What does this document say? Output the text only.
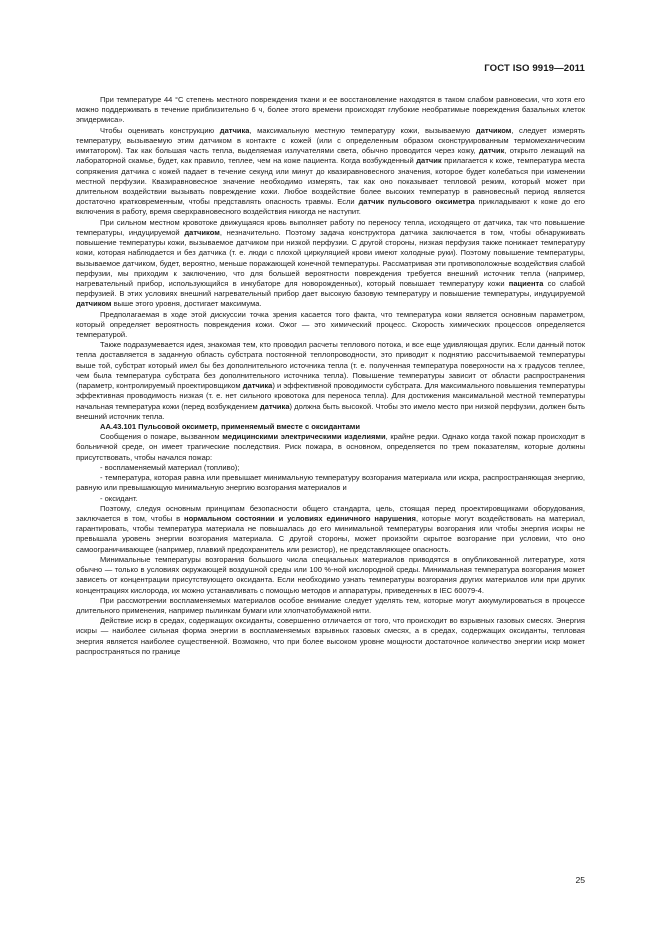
ГОСТ ISO 9919—2011

При температуре 44 °С степень местного повреждения ткани и ее восстановление находятся в таком слабом равновесии, что хотя его можно поддерживать в течение приблизительно 6 ч, более этого времени происходят глубокие необратимые повреждения базальных клеток эпидермиса».

Чтобы оценивать конструкцию датчика, максимальную местную температуру кожи, вызываемую датчиком, следует измерять температуру, вызываемую этим датчиком в контакте с кожей (или с определенным образом сконструированным термомеханическим имитатором). Так как большая часть тепла, выделяемая излучателями света, обычно проводится через кожу, датчик, открыто лежащий на лабораторной скамье, будет, как правило, теплее, чем на коже пациента. Когда возбужденный датчик прилагается к коже, температура места сопряжения датчика с кожей падает в течение секунд или минут до квазиравновесного значения, которое будет колебаться при изменении местной перфузии. Квазиравновесное значение необходимо измерять, так как оно показывает тепловой режим, который может при длительном воздействии вызывать повреждение кожи. Любое воздействие более высоких температур в равновесный период является достаточно кратковременным, чтобы представлять опасность травмы. Если датчик пульсового оксиметра прикладывают к коже до его включения в работу, время сверхравновесного воздействия никогда не наступит.

При сильном местном кровотоке движущаяся кровь выполняет работу по переносу тепла, исходящего от датчика, так что повышение температуры, индуцируемой датчиком, незначительно. Поэтому задача конструктора датчика заключается в том, чтобы обнаруживать повышение температуры кожи, вызываемое датчиком при низкой перфузии. С другой стороны, низкая перфузия также понижает температуру кожи, которая наблюдается и без датчика (т. е. люди с плохой циркуляцией крови имеют холодные руки). Поэтому повышение температуры, вызываемое датчиком, будет, вероятно, меньше поражающей конечной температуры. Рассматривая эти противоположные воздействия слабой перфузии, мы приходим к заключению, что для большей вероятности повреждения требуется внешний источник тепла (например, нагревательный прибор, использующийся в инкубаторе для новорожденных), который повышает температуру кожи пациента со слабой перфузией. В этих условиях внешний нагревательный прибор дает высокую базовую температуру и повышение температуры, индуцируемой датчиком выше этого уровня, достигает максимума.

Предполагаемая в ходе этой дискуссии точка зрения касается того факта, что температура кожи является основным параметром, который определяет вероятность повреждения кожи. Ожог — это химический процесс. Скорость химических процессов определяется температурой.

Также подразумевается идея, знакомая тем, кто проводил расчеты теплового потока, и все еще удивляющая других. Если данный поток тепла доставляется в заданную область субстрата постоянной теплопроводности, это приводит к поднятию рассчитываемой температуры выше той, субстрат который имел бы без дополнительного источника тепла (т. е. полученная температура поверхности на х градусов теплее, чем была температура субстрата без дополнительного источника тепла). Повышение температуры зависит от области распространения (параметр, контролируемый проектировщиком датчика) и эффективной проводимости субстрата. Для максимального повышения температуры эффективная проводимость низкая (т. е. нет сильного кровотока для переноса тепла). Для достижения максимальной местной температуры начальная температура кожи (перед возбуждением датчика) должна быть высокой. Чтобы это имело место при низкой перфузии, должен быть внешний источник тепла.

АА.43.101 Пульсовой оксиметр, применяемый вместе с оксидантами

Сообщения о пожаре, вызванном медицинскими электрическими изделиями, крайне редки. Однако когда такой пожар происходит в больничной среде, он имеет трагические последствия. Риск пожара, в основном, определяется по трем показателям, которые должны присутствовать, чтобы начался пожар:

- воспламеняемый материал (топливо);

- температура, которая равна или превышает минимальную температуру возгорания материала или искра, распространяющая энергию, равную или превышающую минимальную энергию возгорания материалов и

- оксидант.

Поэтому, следуя основным принципам безопасности общего стандарта, цель, стоящая перед проектировщиками оборудования, заключается в том, чтобы в нормальном состоянии и условиях единичного нарушения, которые могут воздействовать на материал, гарантировать, чтобы температура материала не повышалась до его минимальной температуры возгорания или чтобы энергия искры не превышала уровень энергии возгорания материала. С другой стороны, может произойти скрытое возгорание при условии, что оно самоограничивающее (например, плавкий предохранитель или резистор), не представляющее опасность.

Минимальные температуры возгорания большого числа специальных материалов приводятся в опубликованной литературе, хотя обычно — только в условиях окружающей воздушной среды или 100 %-ной кислородной среды. Минимальная температура возгорания может зависеть от концентрации присутствующего оксиданта. Если необходимо узнать температуры возгорания других материалов или при других концентрациях кислорода, их можно устанавливать с помощью методов и аппаратуры, приведенных в IEC 60079-4.

При рассмотрении воспламеняемых материалов особое внимание следует уделять тем, которые могут аккумулироваться в процессе длительного применения, например пылинкам бумаги или хлопчатобумажной нити.

Действие искр в средах, содержащих оксиданты, совершенно отличается от того, что происходит во взрывных газовых смесях. Энергия искры — наиболее сильная форма энергии в воспламеняемых взрывных газовых смесях, а в средах, содержащих оксиданты, тепловая энергия является наиболее существенной. Возможно, что при более высоком уровне мощности достаточное количество энергии искр может распространяться по границе

25
